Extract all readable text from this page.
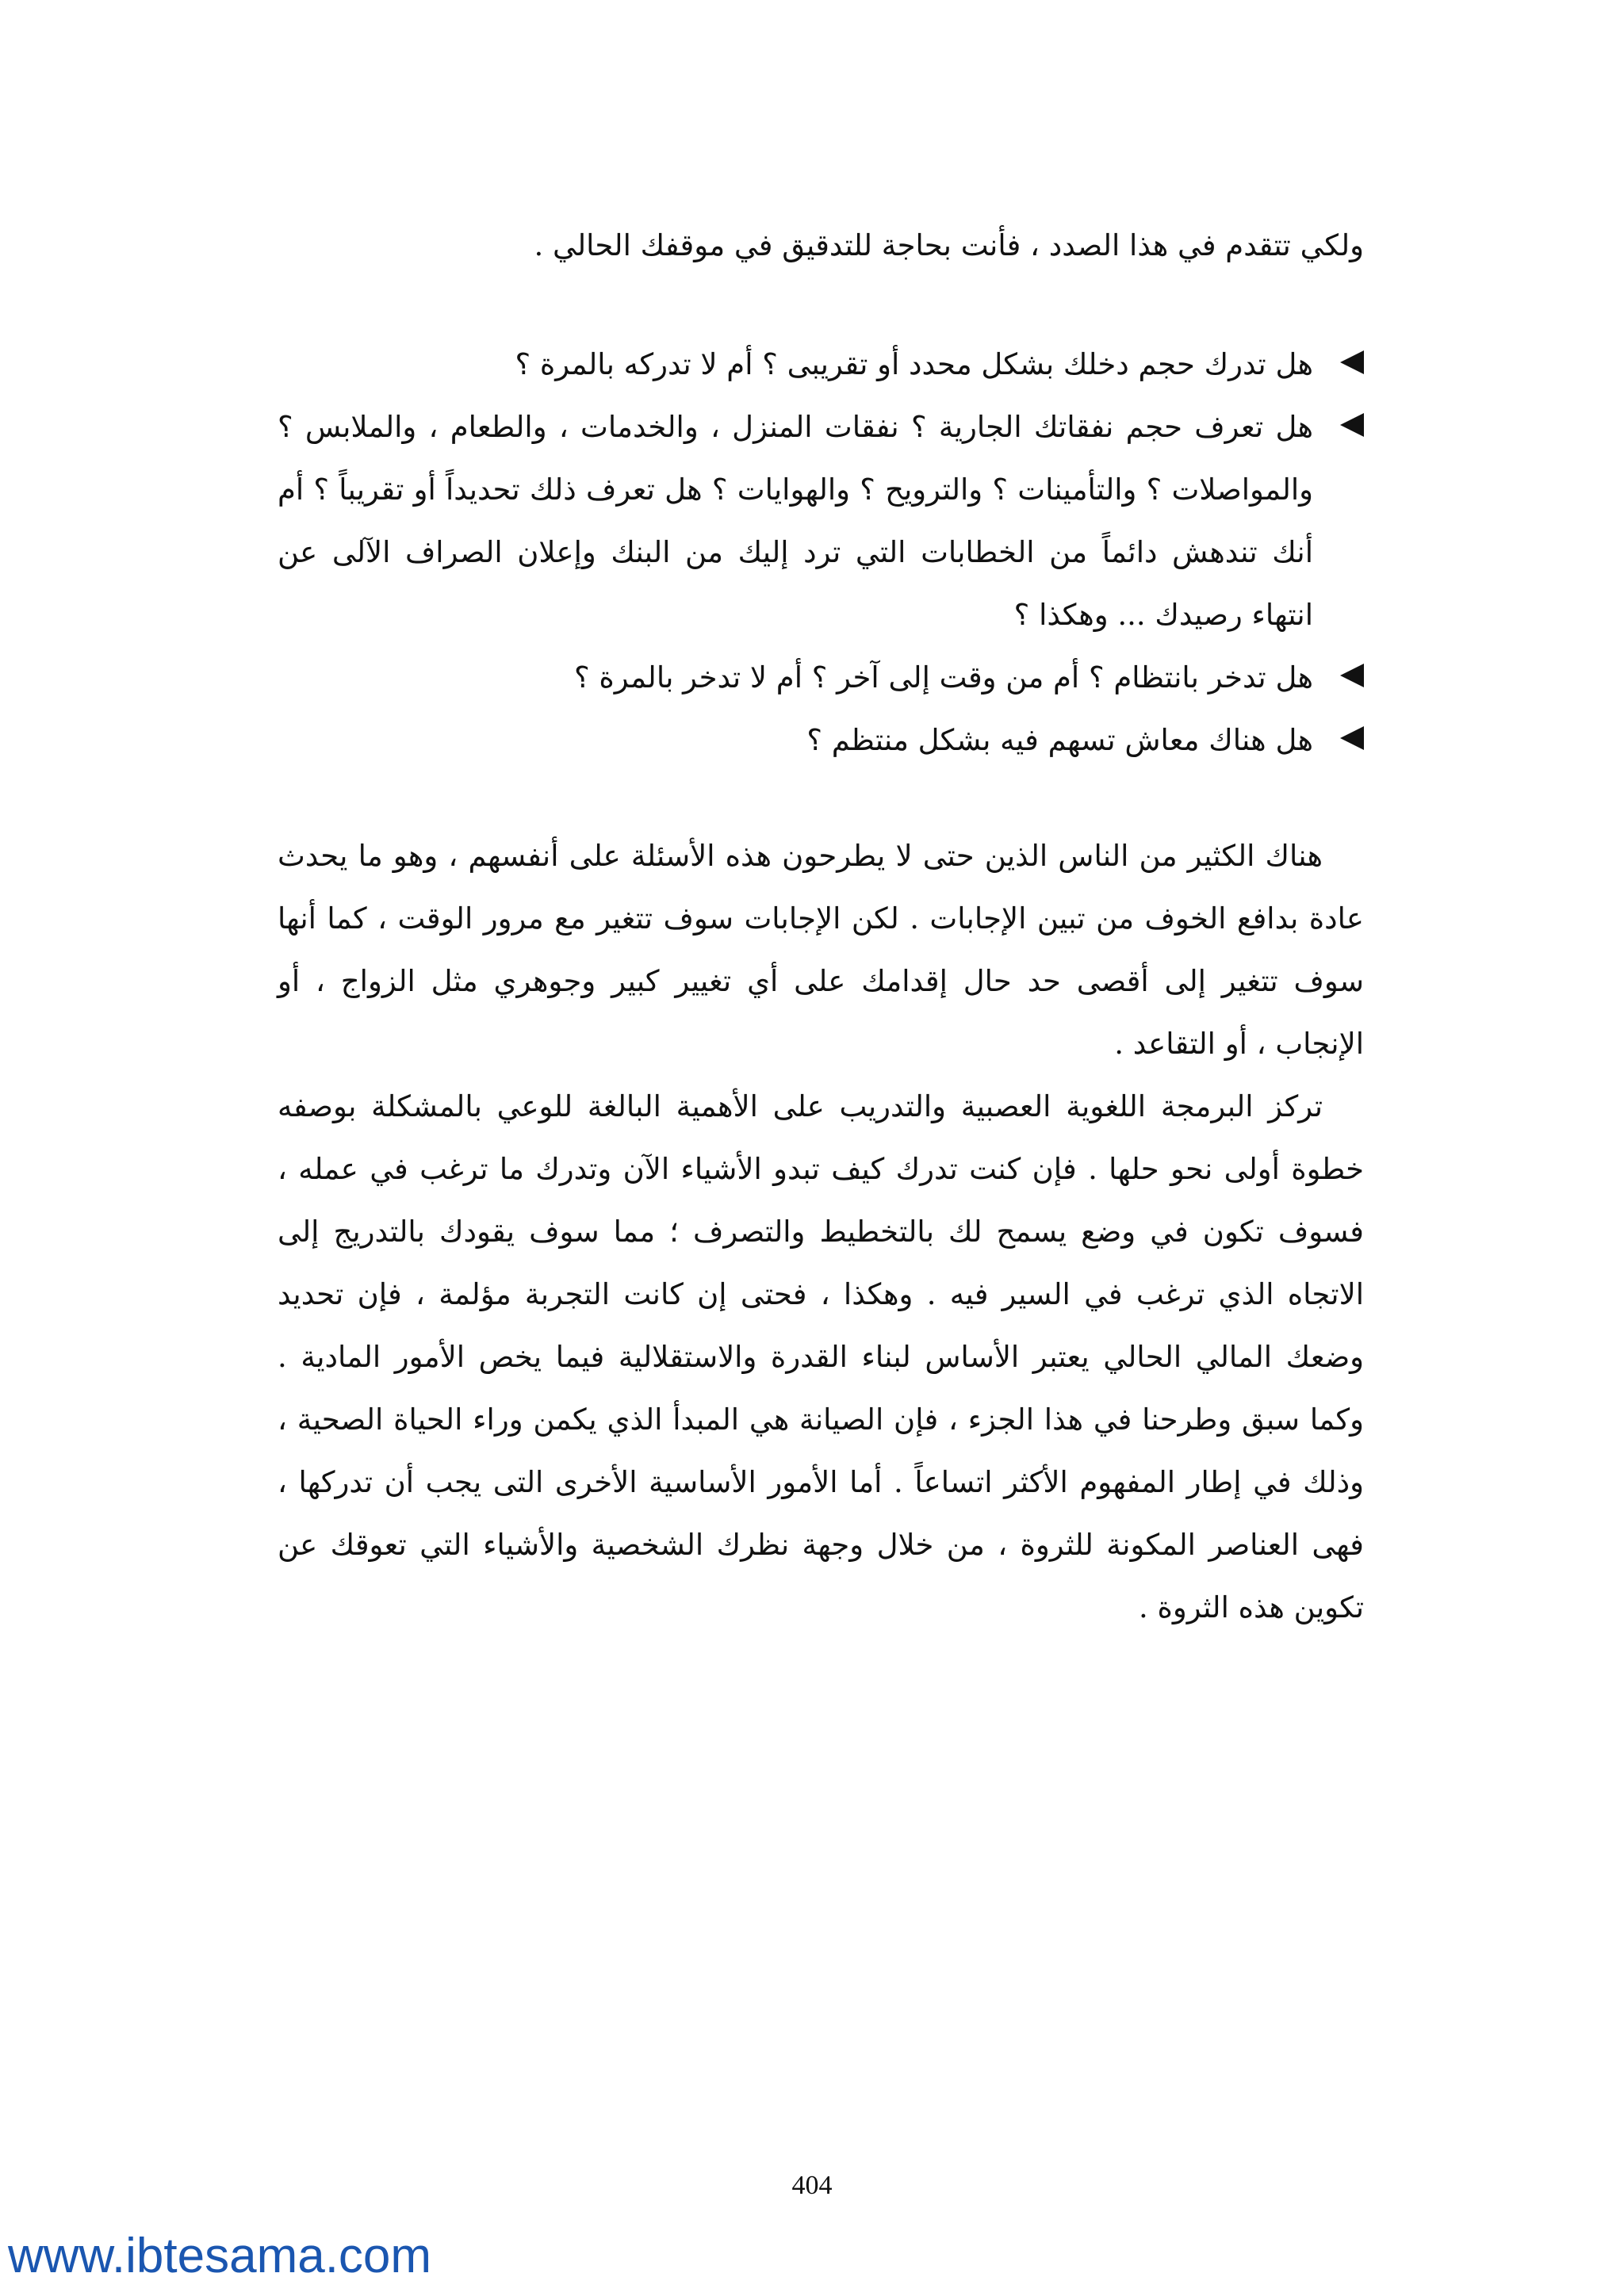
ولكي تتقدم في هذا الصدد ، فأنت بحاجة للتدقيق في موقفك الحالي .

هل تدرك حجم دخلك بشكل محدد أو تقريبى ؟ أم لا تدركه بالمرة ؟
هل تعرف حجم نفقاتك الجارية ؟ نفقات المنزل ، والخدمات ، والطعام ، والملابس ؟ والمواصلات ؟ والتأمينات ؟ والترويح ؟ والهوايات ؟ هل تعرف ذلك تحديداً أو تقريباً ؟ أم أنك تندهش دائماً من الخطابات التي ترد إليك من البنك وإعلان الصراف الآلى عن انتهاء رصيدك ... وهكذا ؟
هل تدخر بانتظام ؟ أم من وقت إلى آخر ؟ أم لا تدخر بالمرة ؟
هل هناك معاش تسهم فيه بشكل منتظم ؟

هناك الكثير من الناس الذين حتى لا يطرحون هذه الأسئلة على أنفسهم ، وهو ما يحدث عادة بدافع الخوف من تبين الإجابات . لكن الإجابات سوف تتغير مع مرور الوقت ، كما أنها سوف تتغير إلى أقصى حد حال إقدامك على أي تغيير كبير وجوهري مثل الزواج ، أو الإنجاب ، أو التقاعد .

تركز البرمجة اللغوية العصبية والتدريب على الأهمية البالغة للوعي بالمشكلة بوصفه خطوة أولى نحو حلها . فإن كنت تدرك كيف تبدو الأشياء الآن وتدرك ما ترغب في عمله ، فسوف تكون في وضع يسمح لك بالتخطيط والتصرف ؛ مما سوف يقودك بالتدريج إلى الاتجاه الذي ترغب في السير فيه . وهكذا ، فحتى إن كانت التجربة مؤلمة ، فإن تحديد وضعك المالي الحالي يعتبر الأساس لبناء القدرة والاستقلالية فيما يخص الأمور المادية . وكما سبق وطرحنا في هذا الجزء ، فإن الصيانة هي المبدأ الذي يكمن وراء الحياة الصحية ، وذلك في إطار المفهوم الأكثر اتساعاً . أما الأمور الأساسية الأخرى التى يجب أن تدركها ، فهى العناصر المكونة للثروة ، من خلال وجهة نظرك الشخصية والأشياء التي تعوقك عن تكوين هذه الثروة .

404
www.ibtesama.com
